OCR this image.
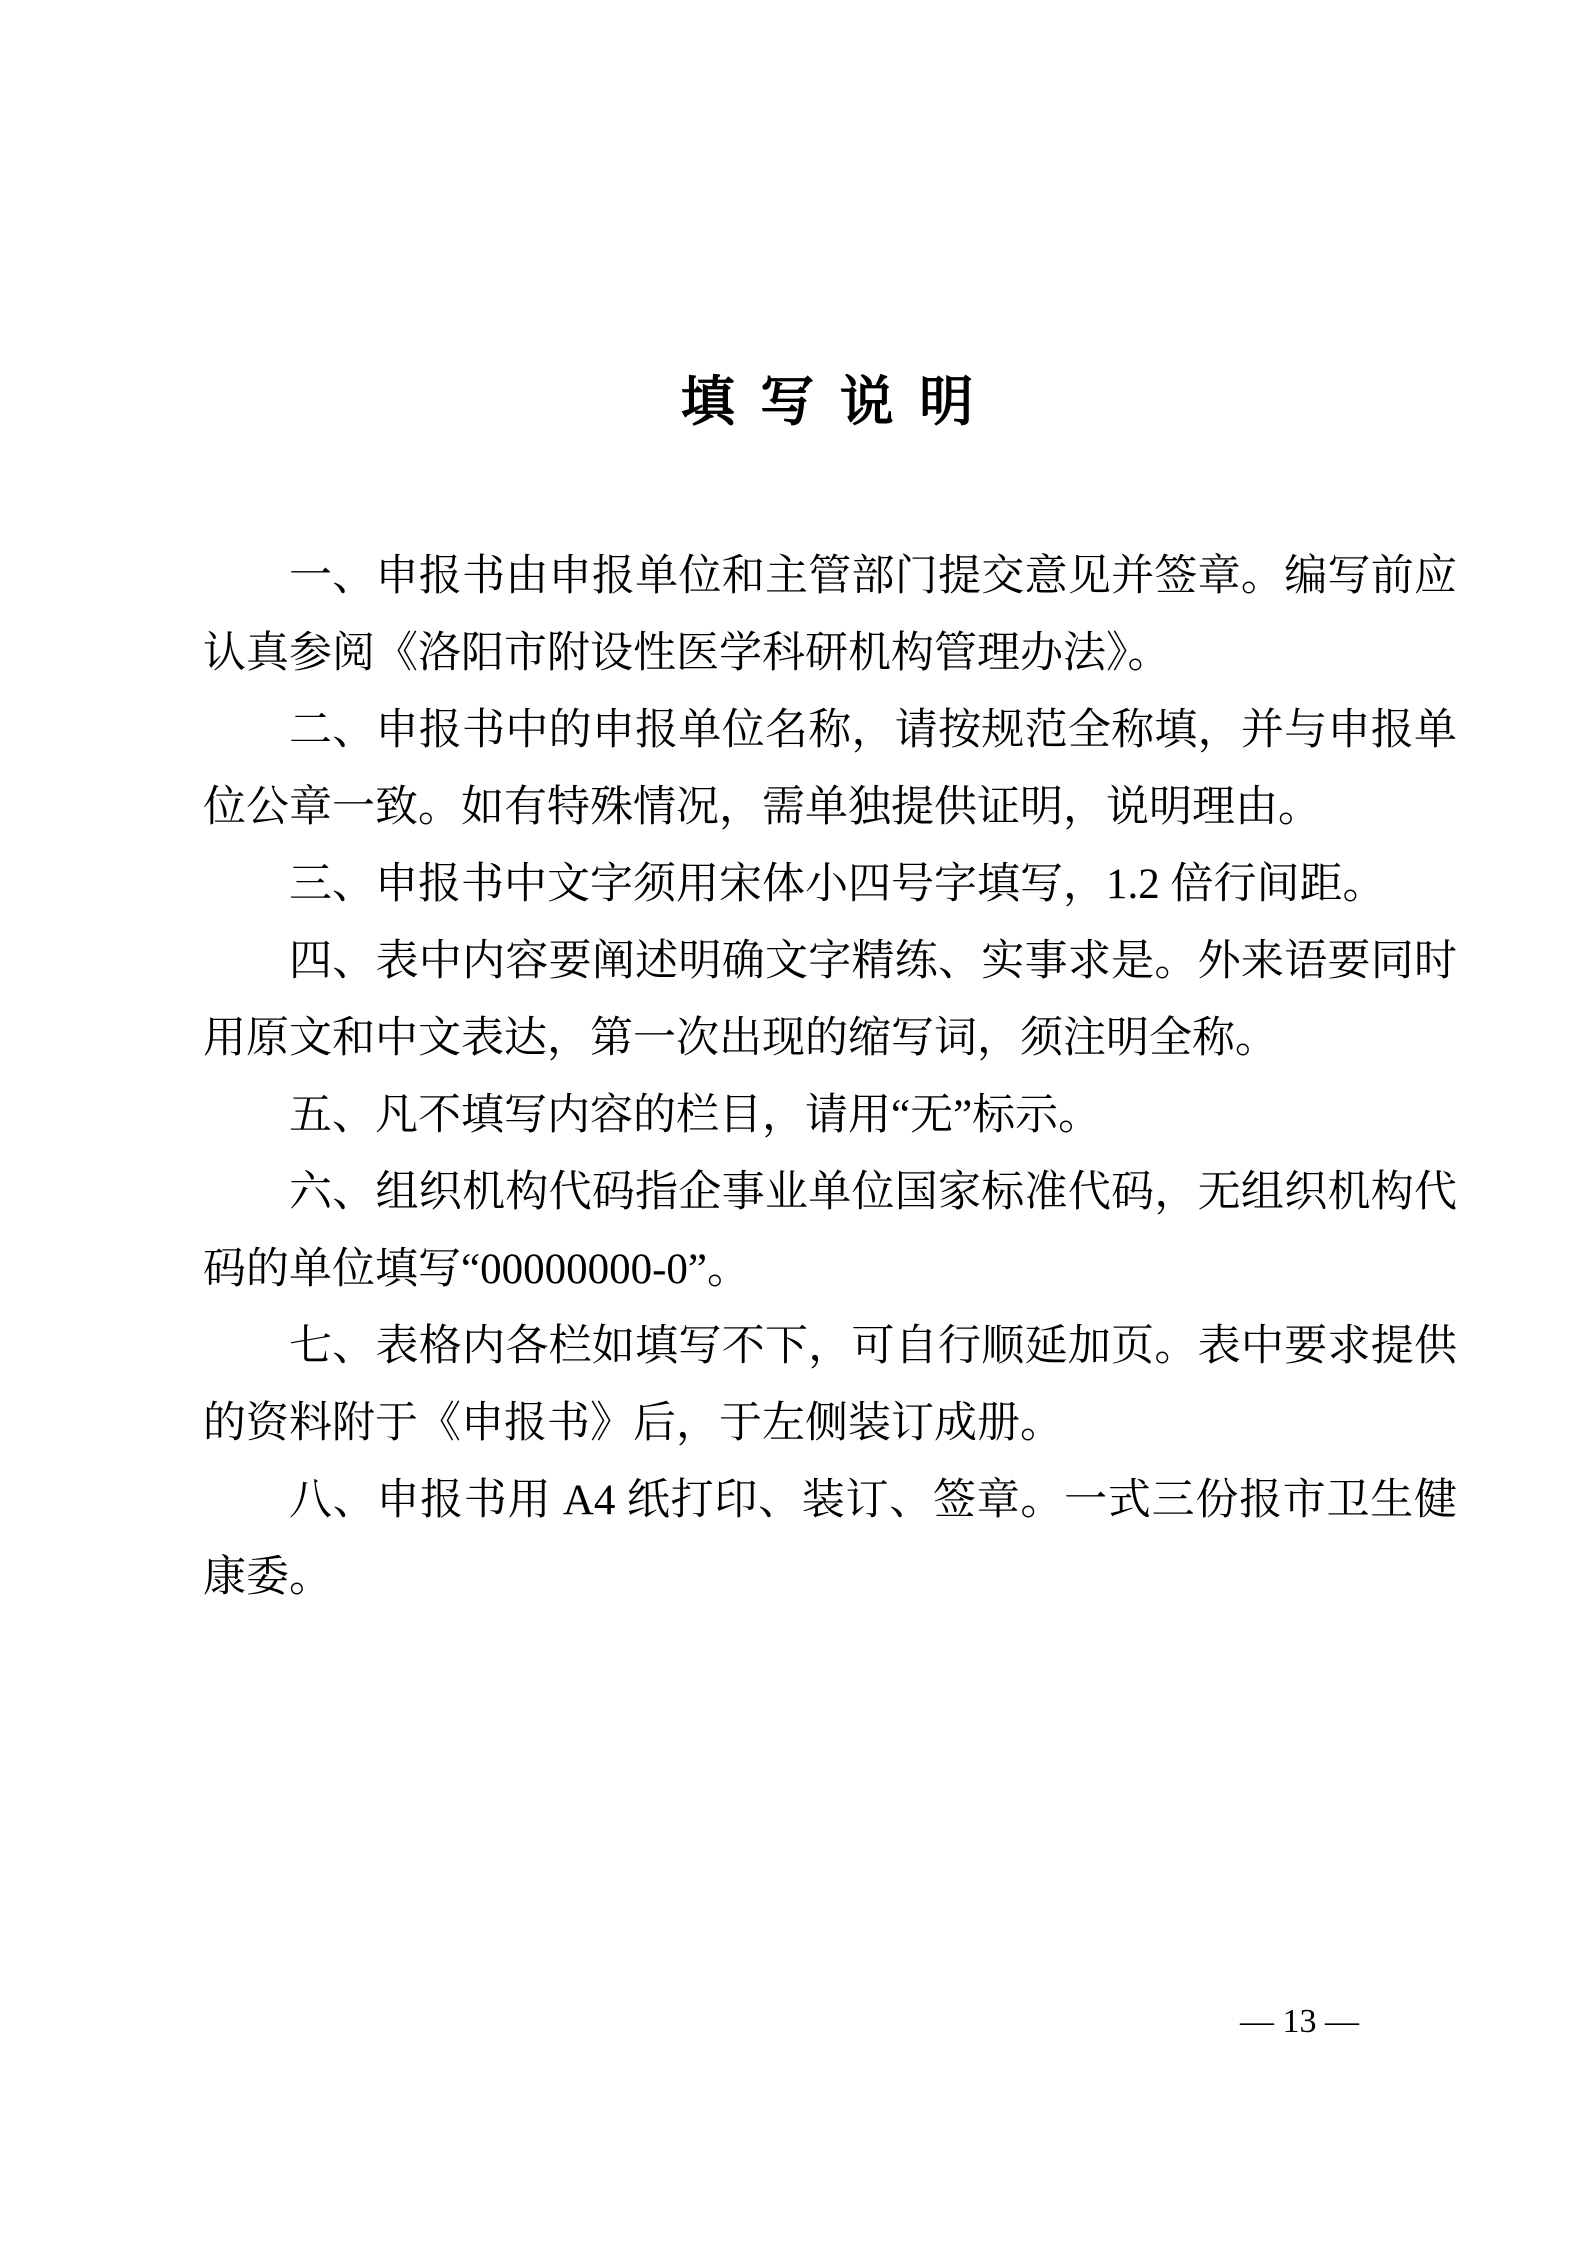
填 写 说 明

一、申报书由申报单位和主管部门提交意见并签章。编写前应认真参阅《洛阳市附设性医学科研机构管理办法》。

二、申报书中的申报单位名称，请按规范全称填，并与申报单位公章一致。如有特殊情况，需单独提供证明，说明理由。

三、申报书中文字须用宋体小四号字填写，1.2 倍行间距。

四、表中内容要阐述明确文字精练、实事求是。外来语要同时用原文和中文表达，第一次出现的缩写词，须注明全称。

五、凡不填写内容的栏目，请用“无”标示。

六、组织机构代码指企事业单位国家标准代码，无组织机构代码的单位填写“00000000-0”。

七、表格内各栏如填写不下，可自行顺延加页。表中要求提供的资料附于《申报书》后，于左侧装订成册。

八、申报书用 A4 纸打印、装订、签章。一式三份报市卫生健康委。

— 13 —
